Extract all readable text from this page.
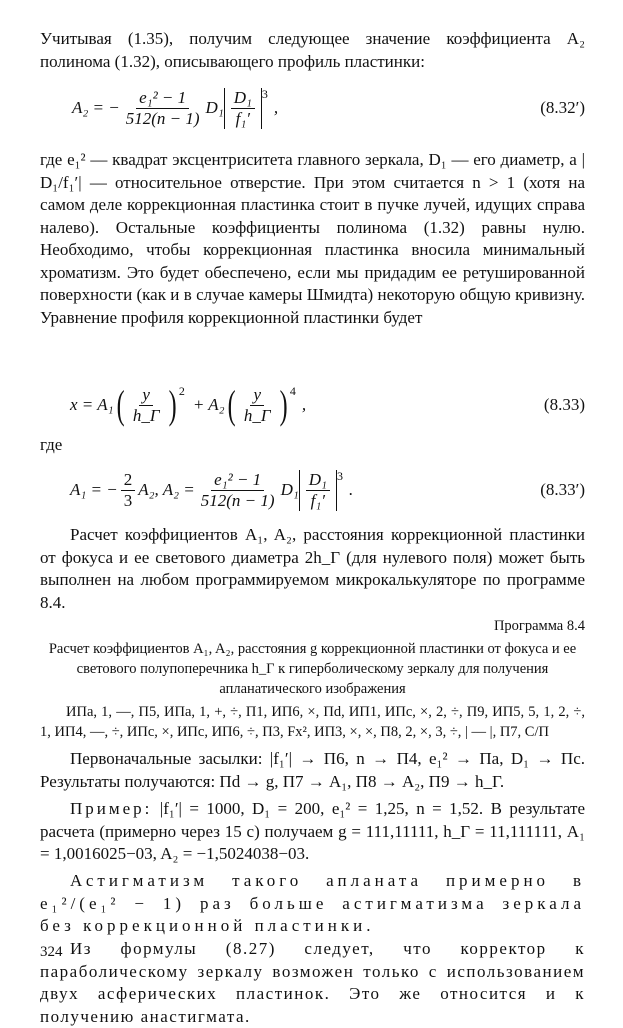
Учитывая (1.35), получим следующее значение коэффициента A₂ полинома (1.32), описывающего профиль пластинки:

A₂ = − $\frac{\text{e₁² − 1}}{512(n - 1)} D_1 \frac{\text{D₁}}{\text{f₁′}} 3$
,	(8.32′)

где e₁² — квадрат эксцентриситета главного зеркала, D₁ — его диаметр, а | D₁/f₁′| — относительное отверстие. При этом считается n > 1 (хотя на самом деле коррекционная пластинка стоит в пучке лучей, идущих справа налево). Остальные коэффициенты полинома (1.32) равны нулю. Необходимо, чтобы коррекционная пластинка вносила минимальный хроматизм. Это будет обеспечено, если мы придадим ее ретушированной поверхности (как и в случае камеры Шмидта) некоторую общую кривизну. Уравнение профиля коррекционной пластинки будет

x = A₁ ( $\frac{y}{h\_Г}$ ) 2
+ A₂ ( $\frac{y}{h\_Г}$ ) 4
,	(8.33)

где

A₁ = − $\frac{2}{3} A_2$, $A_2 = \frac{\text{e₁² − 1}}{512(n - 1)} D_1 \frac{\text{D₁}}{\text{f₁′}} 3$
.	(8.33′)

Расчет коэффициентов A₁, A₂, расстояния коррекционной пластинки от фокуса и ее светового диаметра 2h_Г (для нулевого поля) может быть выполнен на любом программируемом микрокалькуляторе по программе 8.4.

Программа 8.4

Расчет коэффициентов A₁, A₂, расстояния g коррекционной пластинки от фокуса и ее светового полупоперечника h_Г к гиперболическому зеркалу для получения апланатического изображения

ИПа, 1, —, П5, ИПа, 1, +, ÷, П1, ИП6, ×, Пd, ИП1, ИПс, ×, 2, ÷, П9, ИП5, 5, 1, 2, ÷, 1, ИП4, —, ÷, ИПс, ×, ИПс, ИП6, ÷, П3, Fx², ИП3, ×, ×, П8, 2, ×, 3, ÷, | — |, П7, С/П

Первоначальные засылки: |f₁′| → П6, n → П4, e₁² → Па, D₁ → Пс. Результаты получаются: Пd → g, П7 → A₁, П8 → A₂, П9 → h_Г.

Пример: |f₁′| = 1000, D₁ = 200, e₁² = 1,25, n = 1,52. В результате расчета (примерно через 15 с) получаем g = 111,11111, h_Г = 11,111111, A₁ = 1,0016025−03, A₂ = −1,5024038−03.

Астигматизм такого апланата примерно в e₁²/(e₁² − 1) раз больше астигматизма зеркала без коррекционной пластинки.

Из формулы (8.27) следует, что корректор к параболическому зеркалу возможен только с использованием двух асферических пластинок. Это же относится и к получению анастигмата.

324
